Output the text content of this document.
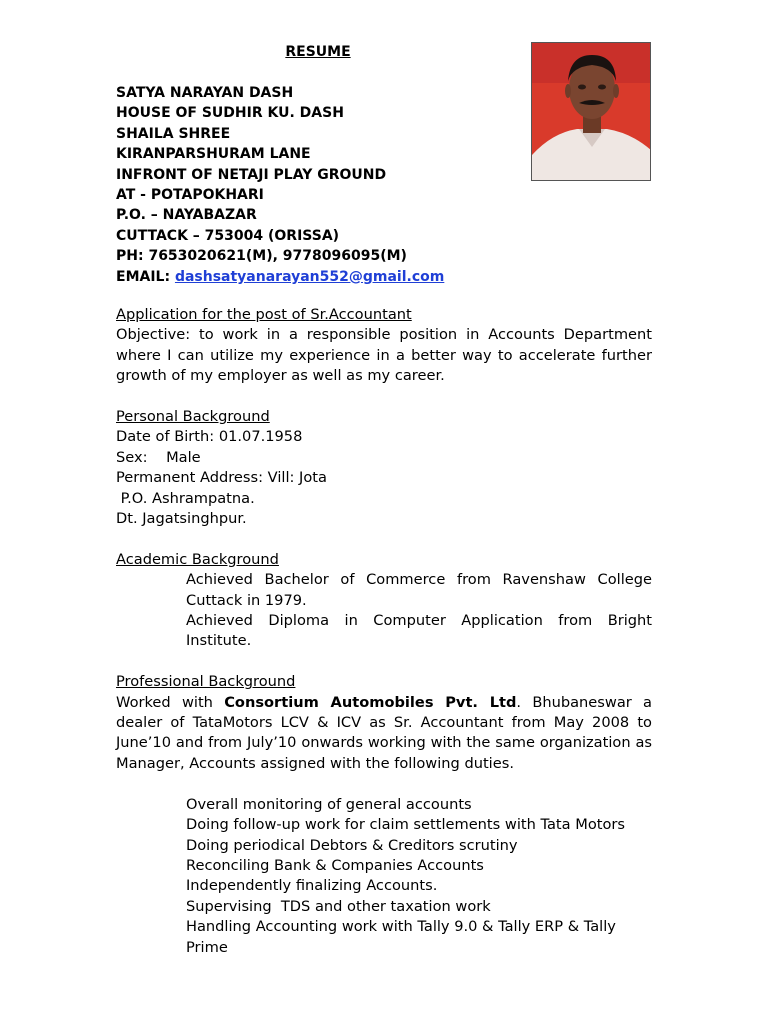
RESUME
SATYA NARAYAN DASH
HOUSE OF SUDHIR KU. DASH
SHAILA SHREE
KIRANPARSHURAM LANE
INFRONT OF NETAJI PLAY GROUND
AT - POTAPOKHARI
P.O. – NAYABAZAR
CUTTACK – 753004 (ORISSA)
PH: 7653020621(M), 9778096095(M)
EMAIL: dashsatyanarayan552@gmail.com
Application for the post of Sr.Accountant
Objective: to work in a responsible position in Accounts Department where I can utilize my experience in a better way to accelerate further growth of my employer as well as my career.
Personal Background
Date of Birth: 01.07.1958
Sex:    Male
Permanent Address: Vill: Jota
P.O. Ashrampatna.
Dt. Jagatsinghpur.
Academic Background
Achieved Bachelor of Commerce from Ravenshaw College Cuttack in 1979.
Achieved Diploma in Computer Application from Bright Institute.
Professional Background
Worked with Consortium Automobiles Pvt. Ltd. Bhubaneswar a dealer of TataMotors LCV & ICV as Sr. Accountant from May 2008 to June’10 and from July’10 onwards working with the same organization as Manager, Accounts assigned with the following duties.
Overall monitoring of general accounts
Doing follow-up work for claim settlements with Tata Motors
Doing periodical Debtors & Creditors scrutiny
Reconciling Bank & Companies Accounts
Independently finalizing Accounts.
Supervising  TDS and other taxation work
Handling Accounting work with Tally 9.0 & Tally ERP & Tally Prime
